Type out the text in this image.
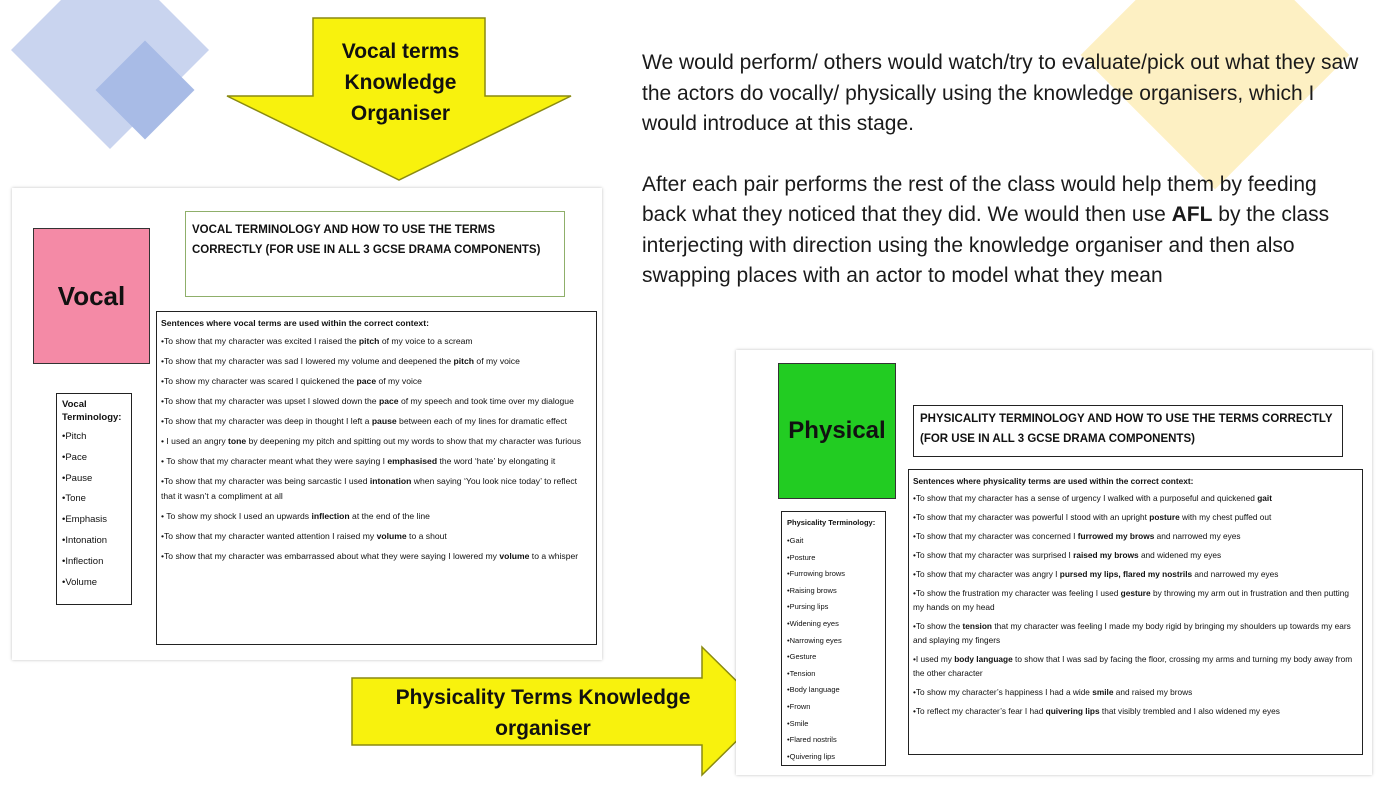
Vocal terms Knowledge Organiser
Physicality Terms Knowledge organiser

We would perform/ others would watch/try to evaluate/pick out what they saw the actors do vocally/ physically using the knowledge organisers, which I would introduce at this stage.

After each pair performs the rest of the class would help them by feeding back what they noticed that they did. We would then use AFL by the class interjecting with direction using the knowledge organiser and then also swapping places with an actor to model what they mean

Vocal
VOCAL TERMINOLOGY AND HOW TO USE THE TERMS CORRECTLY (FOR USE IN ALL 3 GCSE DRAMA COMPONENTS)
Vocal Terminology:
•Pitch
•Pace
•Pause
•Tone
•Emphasis
•Intonation
•Inflection
•Volume
Sentences where vocal terms are used within the correct context:
•To show that my character was excited I raised the pitch of my voice to a scream
•To show that my character was sad I lowered my volume and deepened the pitch of my voice
•To show my character was scared I quickened the pace of my voice
•To show that my character was upset I slowed down the pace of my speech and took time over my dialogue
•To show that my character was deep in thought I left a pause between each of my lines for dramatic effect
• I used an angry tone by deepening my pitch and spitting out my words to show that my character was furious
• To show that my character meant what they were saying I emphasised the word ‘hate’ by elongating it
•To show that my character was being sarcastic I used intonation when saying ‘You look nice today’ to reflect that it wasn’t a compliment at all
• To show my shock I used an upwards inflection at the end of the line
•To show that my character wanted attention I raised my volume to a shout
•To show that my character was embarrassed about what they were saying I lowered my volume to a whisper
Physical	PHYSICALITY TERMINOLOGY AND HOW TO USE THE TERMS CORRECTLY (FOR USE IN ALL 3 GCSE DRAMA COMPONENTS)
Physicality Terminology:
•Gait
•Posture
•Furrowing brows
•Raising brows
•Pursing lips
•Widening eyes
•Narrowing eyes
•Gesture
•Tension
•Body language
•Frown
•Smile
•Flared nostrils
•Quivering lips
Sentences where physicality terms are used within the correct context:
•To show that my character has a sense of urgency I walked with a purposeful and quickened gait
•To show that my character was powerful I stood with an upright posture with my chest puffed out
•To show that my character was concerned I furrowed my brows and narrowed my eyes
•To show that my character was surprised I raised my brows and widened my eyes
•To show that my character was angry I pursed my lips, flared my nostrils and narrowed my eyes
•To show the frustration my character was feeling I used gesture by throwing my arm out in frustration and then putting my hands on my head
•To show the tension that my character was feeling I made my body rigid by bringing my shoulders up towards my ears and splaying my fingers
•I used my body language to show that I was sad by facing the floor, crossing my arms and turning my body away from the other character
•To show my character’s happiness I had a wide smile and raised my brows
•To reflect my character’s fear I had quivering lips that visibly trembled and I also widened my eyes
